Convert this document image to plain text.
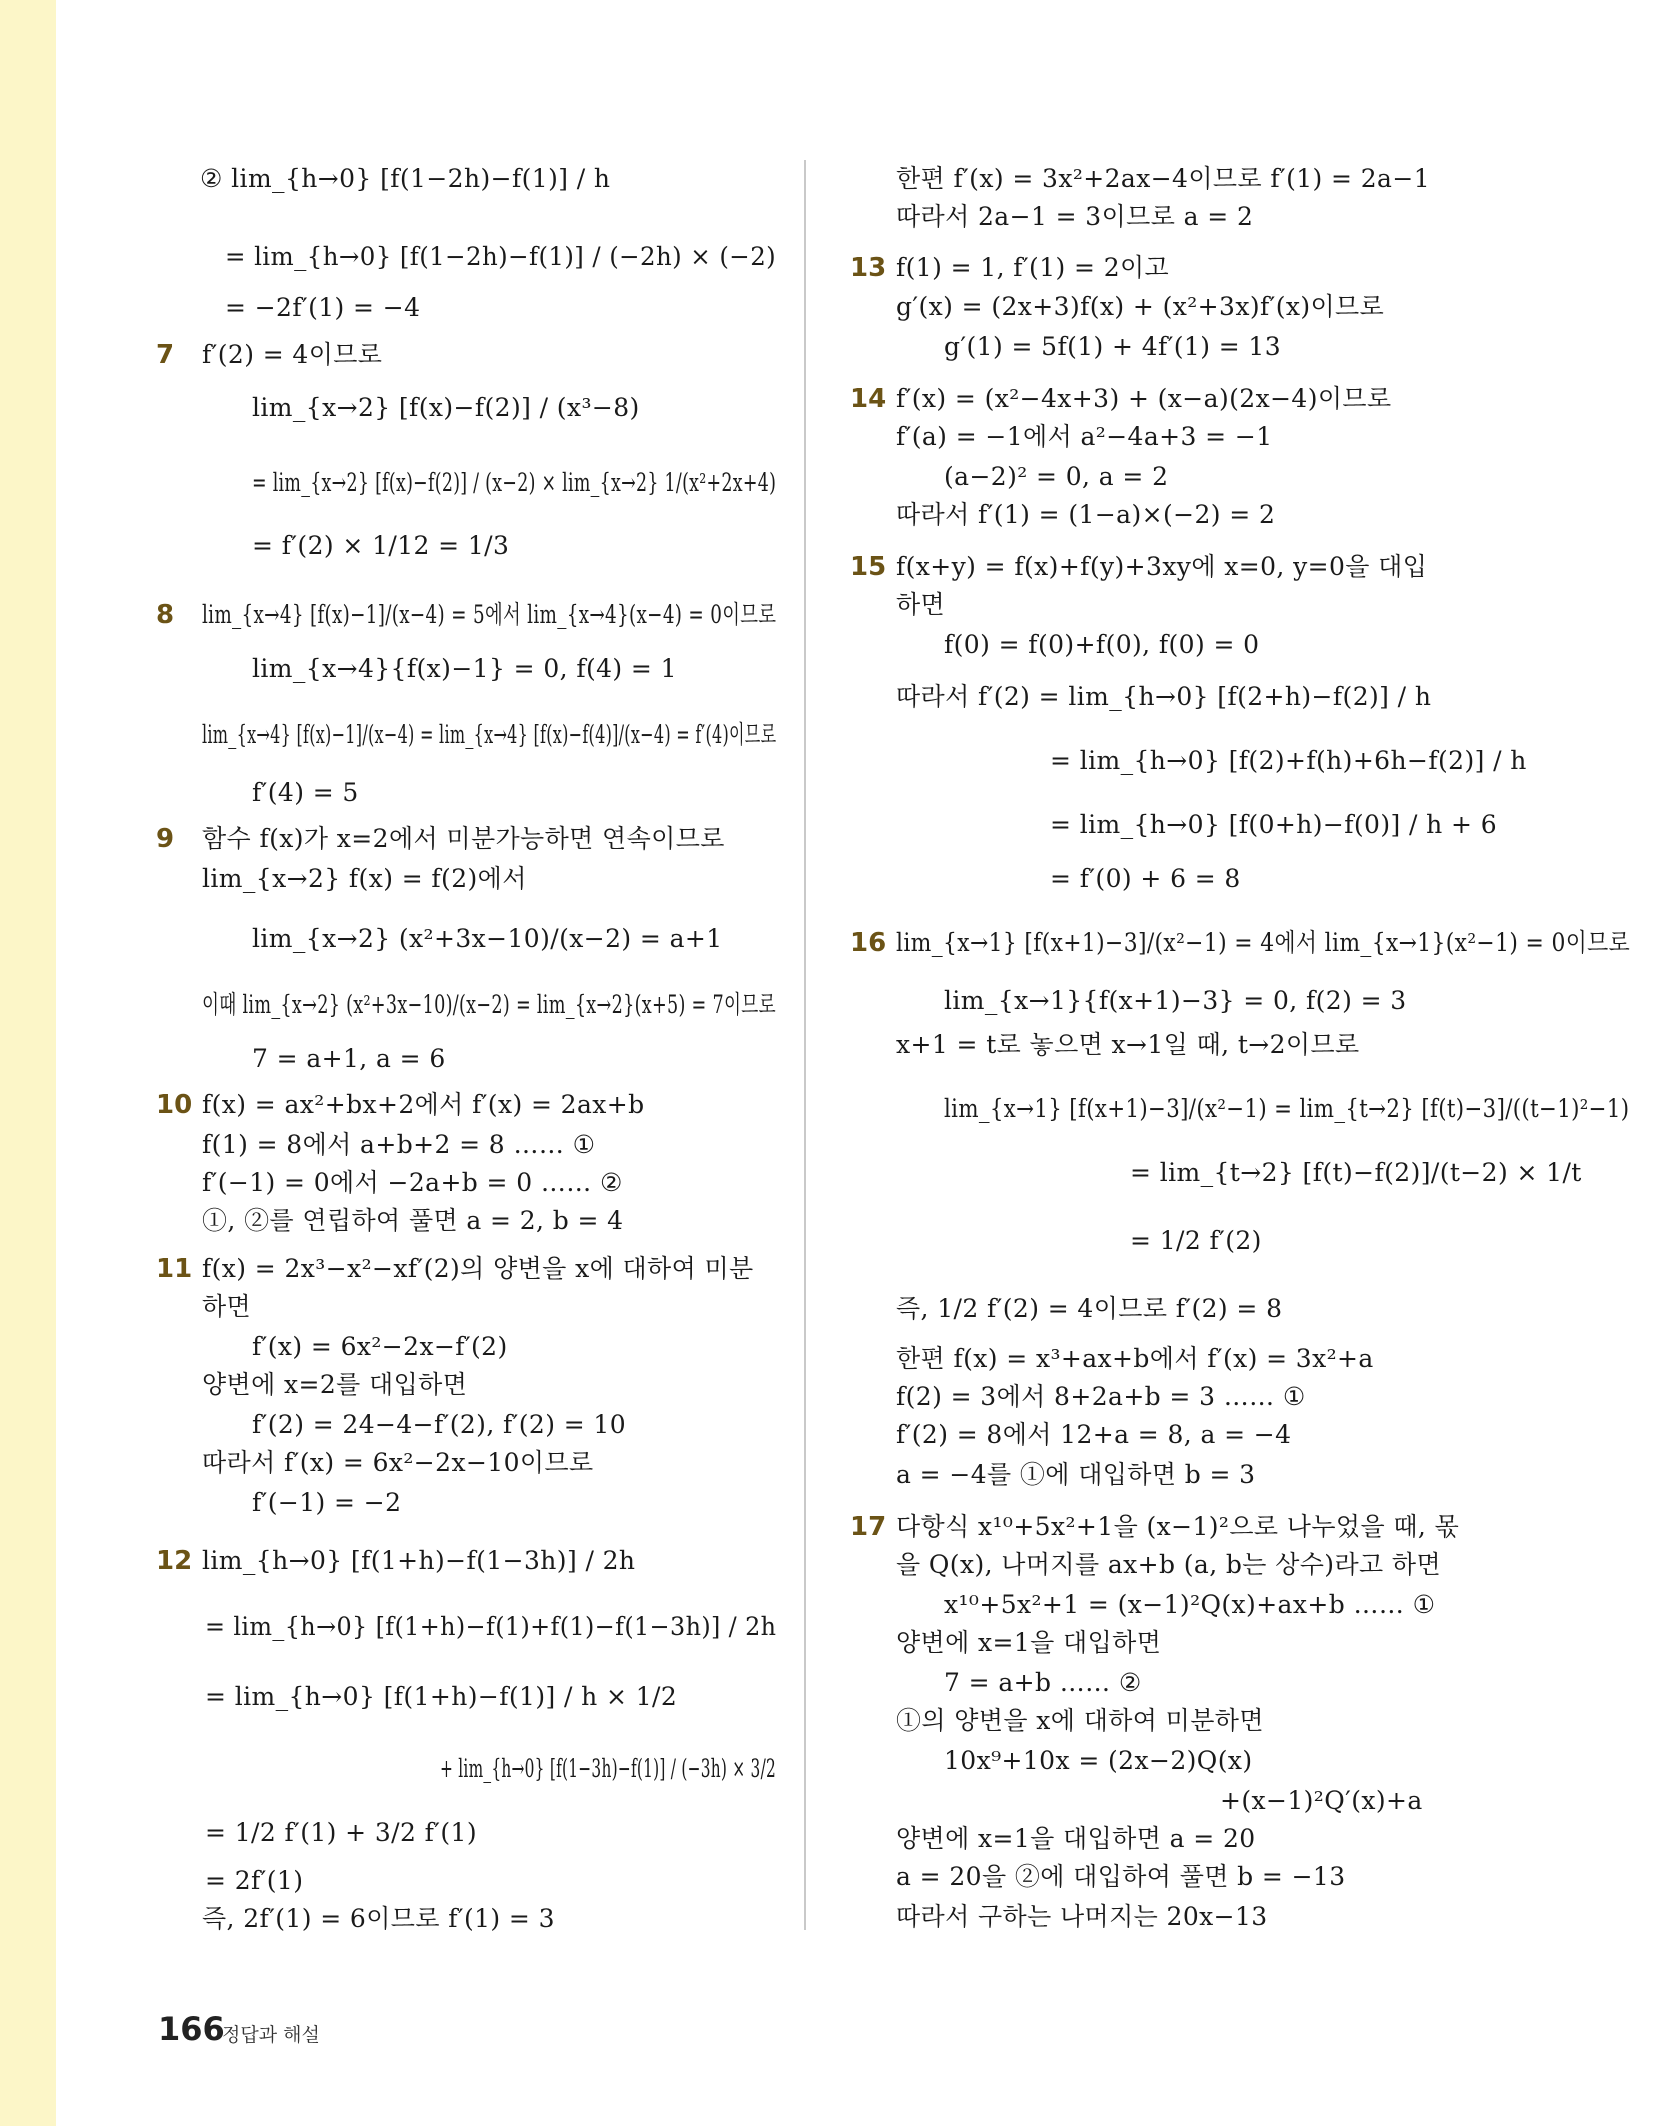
② lim_{h→0} [f(1−2h)−f(1)] / h
= lim_{h→0} [f(1−2h)−f(1)] / (−2h) × (−2)
= −2f′(1) = −4
7 f′(2) = 4이므로
lim_{x→2} [f(x)−f(2)] / (x³−8)
= lim_{x→2} [f(x)−f(2)] / (x−2) × lim_{x→2} 1/(x²+2x+4)
= f′(2) × 1/12 = 1/3
8 lim_{x→4} [f(x)−1]/(x−4) = 5에서 lim_{x→4}(x−4) = 0이므로
lim_{x→4}{f(x)−1} = 0, f(4) = 1
lim_{x→4} [f(x)−1]/(x−4) = lim_{x→4} [f(x)−f(4)]/(x−4) = f′(4)이므로
f′(4) = 5
9 함수 f(x)가 x=2에서 미분가능하면 연속이므로
lim_{x→2} f(x) = f(2)에서
lim_{x→2} (x²+3x−10)/(x−2) = a+1
이때 lim_{x→2} (x²+3x−10)/(x−2) = lim_{x→2}(x+5) = 7이므로
7 = a+1, a = 6
10 f(x) = ax²+bx+2에서 f′(x) = 2ax+b
f(1) = 8에서 a+b+2 = 8 …… ①
f′(−1) = 0에서 −2a+b = 0 …… ②
①, ②를 연립하여 풀면 a = 2, b = 4
11 f(x) = 2x³−x²−xf′(2)의 양변을 x에 대하여 미분
하면
f′(x) = 6x²−2x−f′(2)
양변에 x=2를 대입하면
f′(2) = 24−4−f′(2), f′(2) = 10
따라서 f′(x) = 6x²−2x−10이므로
f′(−1) = −2
12 lim_{h→0} [f(1+h)−f(1−3h)] / 2h
= lim_{h→0} [f(1+h)−f(1)+f(1)−f(1−3h)] / 2h
= lim_{h→0} [f(1+h)−f(1)] / h × 1/2
+ lim_{h→0} [f(1−3h)−f(1)] / (−3h) × 3/2
= 1/2 f′(1) + 3/2 f′(1)
= 2f′(1)
즉, 2f′(1) = 6이므로 f′(1) = 3
한편 f′(x) = 3x²+2ax−4이므로 f′(1) = 2a−1
따라서 2a−1 = 3이므로 a = 2
13 f(1) = 1, f′(1) = 2이고
g′(x) = (2x+3)f(x) + (x²+3x)f′(x)이므로
g′(1) = 5f(1) + 4f′(1) = 13
14 f′(x) = (x²−4x+3) + (x−a)(2x−4)이므로
f′(a) = −1에서 a²−4a+3 = −1
(a−2)² = 0, a = 2
따라서 f′(1) = (1−a)×(−2) = 2
15 f(x+y) = f(x)+f(y)+3xy에 x=0, y=0을 대입
하면
f(0) = f(0)+f(0), f(0) = 0
따라서 f′(2) = lim_{h→0} [f(2+h)−f(2)] / h
= lim_{h→0} [f(2)+f(h)+6h−f(2)] / h
= lim_{h→0} [f(0+h)−f(0)] / h + 6
= f′(0) + 6 = 8
16 lim_{x→1} [f(x+1)−3]/(x²−1) = 4에서 lim_{x→1}(x²−1) = 0이므로
lim_{x→1}{f(x+1)−3} = 0, f(2) = 3
x+1 = t로 놓으면 x→1일 때, t→2이므로
lim_{x→1} [f(x+1)−3]/(x²−1) = lim_{t→2} [f(t)−3]/((t−1)²−1)
= lim_{t→2} [f(t)−f(2)]/(t−2) × 1/t
= 1/2 f′(2)
즉, 1/2 f′(2) = 4이므로 f′(2) = 8
한편 f(x) = x³+ax+b에서 f′(x) = 3x²+a
f(2) = 3에서 8+2a+b = 3 …… ①
f′(2) = 8에서 12+a = 8, a = −4
a = −4를 ①에 대입하면 b = 3
17 다항식 x¹⁰+5x²+1을 (x−1)²으로 나누었을 때, 몫
을 Q(x), 나머지를 ax+b (a, b는 상수)라고 하면
x¹⁰+5x²+1 = (x−1)²Q(x)+ax+b …… ①
양변에 x=1을 대입하면
7 = a+b …… ②
①의 양변을 x에 대하여 미분하면
10x⁹+10x = (2x−2)Q(x)
+(x−1)²Q′(x)+a
양변에 x=1을 대입하면 a = 20
a = 20을 ②에 대입하여 풀면 b = −13
따라서 구하는 나머지는 20x−13
166
정답과 해설
